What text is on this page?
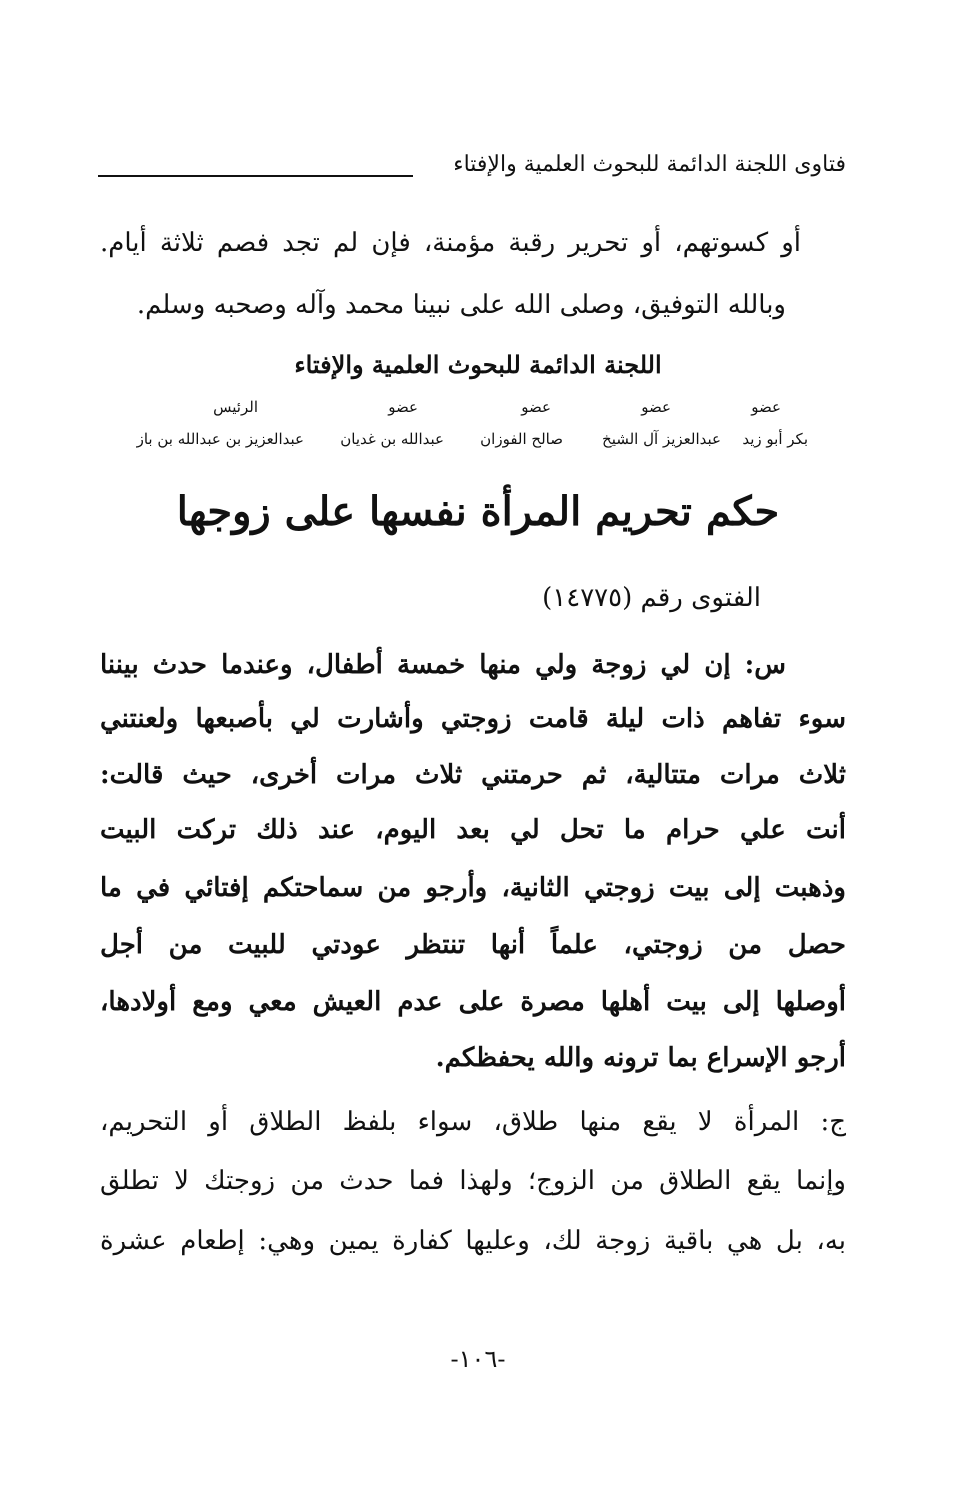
فتاوى اللجنة الدائمة للبحوث العلمية والإفتاء
أو كسوتهم، أو تحرير رقبة مؤمنة، فإن لم تجد فصم ثلاثة أيام.
وبالله التوفيق، وصلى الله على نبينا محمد وآله وصحبه وسلم.
اللجنة الدائمة للبحوث العلمية والإفتاء
عضو
عضو
عضو
عضو
الرئيس
بكر أبو زيد
عبدالعزيز آل الشيخ
صالح الفوزان
عبدالله بن غديان
عبدالعزيز بن عبدالله بن باز
حكم تحريم المرأة نفسها على زوجها
الفتوى رقم (١٤٧٧٥)
س: إن لي زوجة ولي منها خمسة أطفال، وعندما حدث بيننا
سوء تفاهم ذات ليلة قامت زوجتي وأشارت لي بأصبعها ولعنتني
ثلاث مرات متتالية، ثم حرمتني ثلاث مرات أخرى، حيث قالت:
أنت علي حرام ما تحل لي بعد اليوم، عند ذلك تركت البيت
وذهبت إلى بيت زوجتي الثانية، وأرجو من سماحتكم إفتائي في ما
حصل من زوجتي، علماً أنها تنتظر عودتي للبيت من أجل
أوصلها إلى بيت أهلها مصرة على عدم العيش معي ومع أولادها،
أرجو الإسراع بما ترونه والله يحفظكم.
ج: المرأة لا يقع منها طلاق، سواء بلفظ الطلاق أو التحريم،
وإنما يقع الطلاق من الزوج؛ ولهذا فما حدث من زوجتك لا تطلق
به، بل هي باقية زوجة لك، وعليها كفارة يمين وهي: إطعام عشرة
-١٠٦-
